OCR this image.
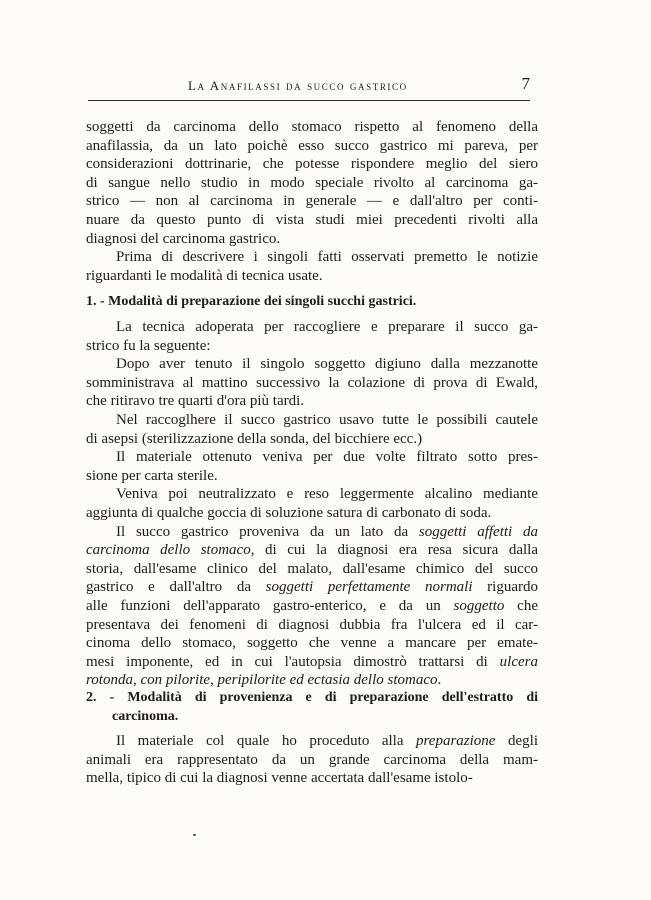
La Anafilassi da succo gastrico	7
soggetti da carcinoma dello stomaco rispetto al fenomeno della
anafilassia, da un lato poichè esso succo gastrico mi pareva, per
considerazioni dottrinarie, che potesse rispondere meglio del siero
di sangue nello studio in modo speciale rivolto al carcinoma ga-
strico — non al carcinoma in generale — e dall'altro per conti-
nuare da questo punto di vista studi miei precedenti rivolti alla
diagnosi del carcinoma gastrico.
Prima di descrivere i singoli fatti osservati premetto le notizie
riguardanti le modalità di tecnica usate.
1. - Modalità di preparazione dei singoli succhi gastrici.
La tecnica adoperata per raccogliere e preparare il succo ga-
strico fu la seguente:
Dopo aver tenuto il singolo soggetto digiuno dalla mezzanotte
somministrava al mattino successivo la colazione di prova di Ewald,
che ritiravo tre quarti d'ora più tardi.
Nel raccoglhere il succo gastrico usavo tutte le possibili cautele
di asepsi (sterilizzazione della sonda, del bicchiere ecc.)
Il materiale ottenuto veniva per due volte filtrato sotto pres-
sione per carta sterile.
Veniva poi neutralizzato e reso leggermente alcalino mediante
aggiunta di qualche goccia di soluzione satura di carbonato di soda.
Il succo gastrico proveniva da un lato da soggetti affetti da
carcinoma dello stomaco, di cui la diagnosi era resa sicura dalla
storia, dall'esame clinico del malato, dall'esame chimico del succo
gastrico e dall'altro da soggetti perfettamente normali riguardo
alle funzioni dell'apparato gastro-enterico, e da un soggetto che
presentava dei fenomeni di diagnosi dubbia fra l'ulcera ed il car-
cinoma dello stomaco, soggetto che venne a mancare per emate-
mesi imponente, ed in cui l'autopsia dimostrò trattarsi di ulcera
rotonda, con pilorite, peripilorite ed ectasia dello stomaco.
2. - Modalità di provenienza e di preparazione dell'estratto di
carcinoma.
Il materiale col quale ho proceduto alla preparazione degli
animali era rappresentato da un grande carcinoma della mam-
mella, tipico di cui la diagnosi venne accertata dall'esame istolo-
